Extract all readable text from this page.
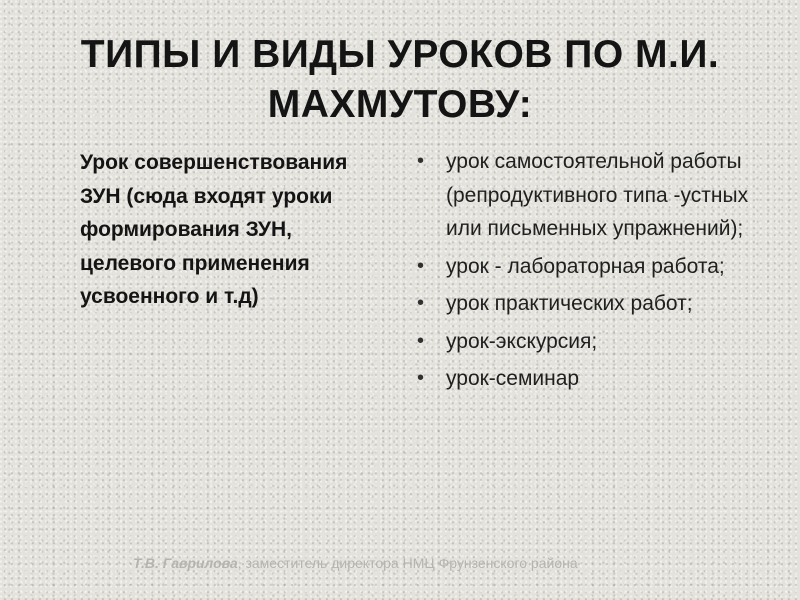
ТИПЫ И ВИДЫ УРОКОВ ПО М.И. МАХМУТОВУ:

Урок совершенствования ЗУН (сюда входят уроки формирования ЗУН, целевого применения усвоенного и т.д)

• урок самостоятельной работы (репродуктивного типа -устных или письменных упражнений);
• урок - лабораторная работа;
• урок практических работ;
• урок-экскурсия;
• урок-семинар
Т.В. Гаврилова, заместитель директора НМЦ Фрунзенского района
